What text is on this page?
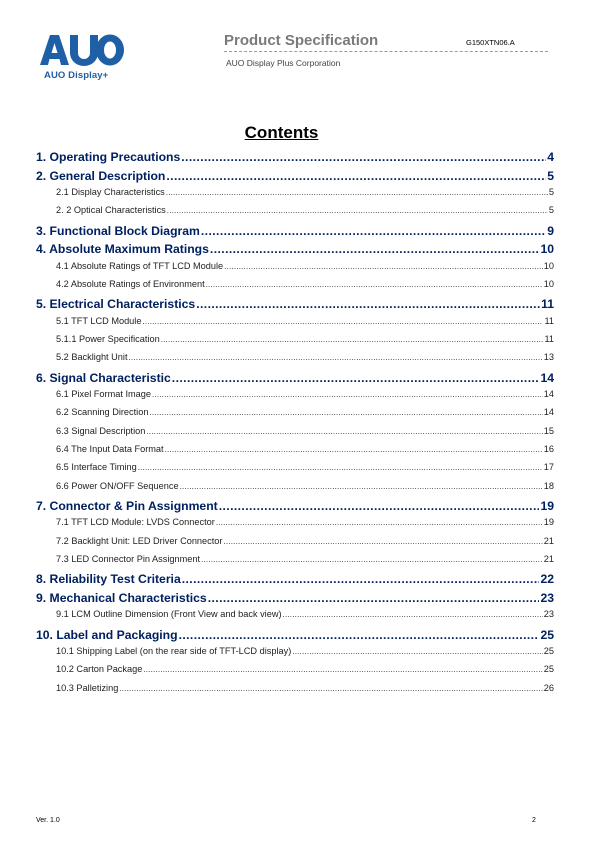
AUO Display+
Product Specification	G150XTN06.A
AUO Display Plus Corporation
Contents
1. Operating Precautions .....	4
2. General Description .....	5
2.1 Display Characteristics .....	5
2. 2 Optical Characteristics .....	5
3. Functional Block Diagram .....	9
4. Absolute Maximum Ratings .....	10
4.1 Absolute Ratings of TFT LCD Module .....	10
4.2 Absolute Ratings of Environment .....	10
5. Electrical Characteristics .....	11
5.1 TFT LCD Module .....	11
5.1.1 Power Specification .....	11
5.2 Backlight Unit .....	13
6. Signal Characteristic .....	14
6.1 Pixel Format Image .....	14
6.2 Scanning Direction .....	14
6.3 Signal Description .....	15
6.4 The Input Data Format .....	16
6.5 Interface Timing .....	17
6.6 Power ON/OFF Sequence .....	18
7. Connector & Pin Assignment .....	19
7.1 TFT LCD Module: LVDS Connector .....	19
7.2 Backlight Unit: LED Driver Connector .....	21
7.3 LED Connector Pin Assignment .....	21
8. Reliability Test Criteria .....	22
9. Mechanical Characteristics .....	23
9.1 LCM Outline Dimension (Front View and back view) .....	23
10. Label and Packaging .....	25
10.1 Shipping Label (on the rear side of TFT-LCD display) .....	25
10.2 Carton Package .....	25
10.3 Palletizing .....	26
Ver. 1.0	2
